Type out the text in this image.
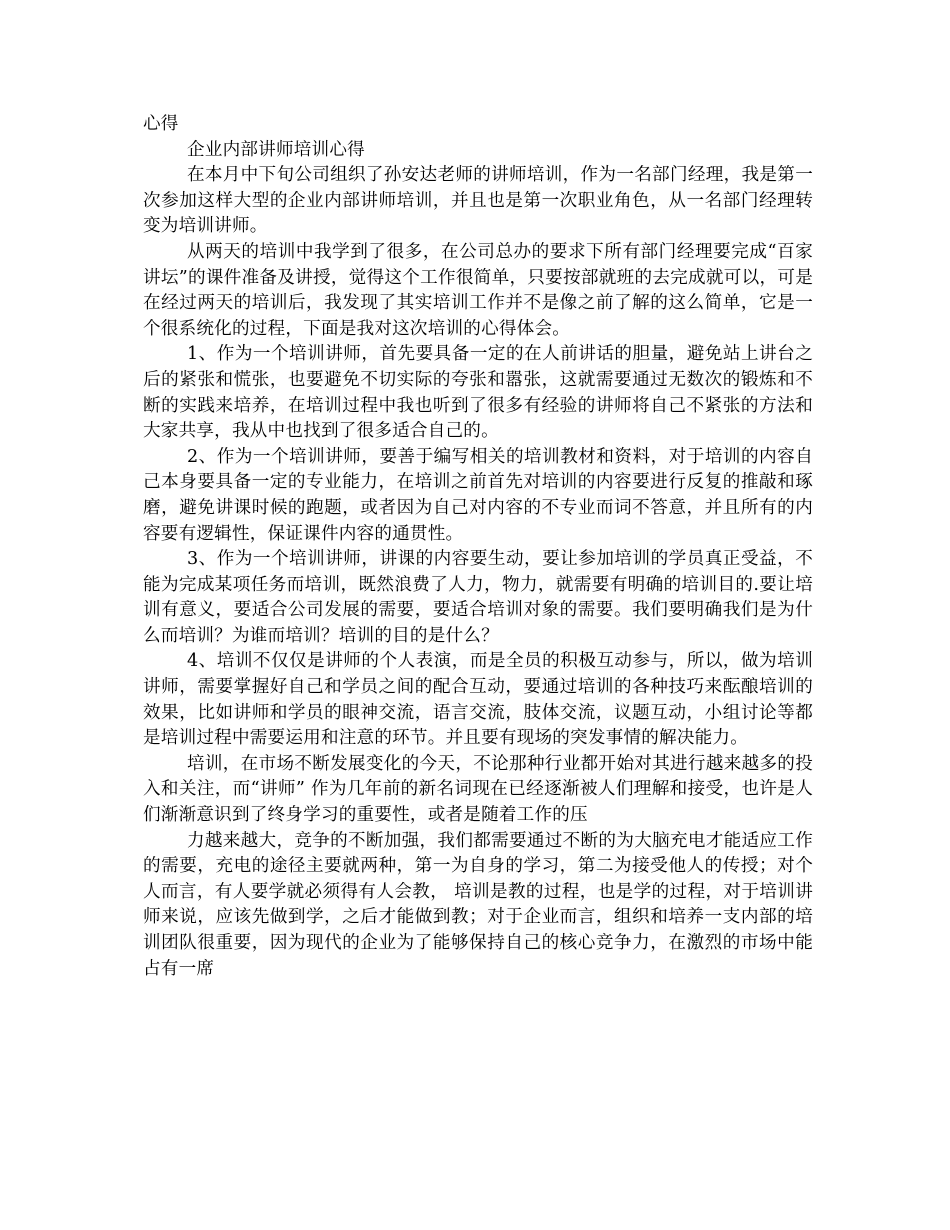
心得
企业内部讲师培训心得

在本月中下旬公司组织了孙安达老师的讲师培训，作为一名部门经理，我是第一次参加这样大型的企业内部讲师培训，并且也是第一次职业角色，从一名部门经理转变为培训讲师。

从两天的培训中我学到了很多，在公司总办的要求下所有部门经理要完成“百家讲坛”的课件准备及讲授，觉得这个工作很简单，只要按部就班的去完成就可以，可是在经过两天的培训后，我发现了其实培训工作并不是像之前了解的这么简单，它是一个很系统化的过程，下面是我对这次培训的心得体会。

1、作为一个培训讲师，首先要具备一定的在人前讲话的胆量，避免站上讲台之后的紧张和慌张，也要避免不切实际的夸张和嚣张，这就需要通过无数次的锻炼和不断的实践来培养，在培训过程中我也听到了很多有经验的讲师将自己不紧张的方法和大家共享，我从中也找到了很多适合自己的。

2、作为一个培训讲师，要善于编写相关的培训教材和资料，对于培训的内容自己本身要具备一定的专业能力，在培训之前首先对培训的内容要进行反复的推敲和琢磨，避免讲课时候的跑题，或者因为自己对内容的不专业而词不答意，并且所有的内容要有逻辑性，保证课件内容的通贯性。

3、作为一个培训讲师，讲课的内容要生动，要让参加培训的学员真正受益，不能为完成某项任务而培训，既然浪费了人力，物力，就需要有明确的培训目的.要让培训有意义，要适合公司发展的需要，要适合培训对象的需要。我们要明确我们是为什么而培训？为谁而培训？培训的目的是什么？

4、培训不仅仅是讲师的个人表演，而是全员的积极互动参与，所以，做为培训讲师，需要掌握好自己和学员之间的配合互动，要通过培训的各种技巧来酝酿培训的效果，比如讲师和学员的眼神交流，语言交流，肢体交流，议题互动，小组讨论等都是培训过程中需要运用和注意的环节。并且要有现场的突发事情的解决能力。

培训，在市场不断发展变化的今天，不论那种行业都开始对其进行越来越多的投入和关注，而“讲师” 作为几年前的新名词现在已经逐渐被人们理解和接受，也许是人们渐渐意识到了终身学习的重要性，或者是随着工作的压

力越来越大，竞争的不断加强，我们都需要通过不断的为大脑充电才能适应工作的需要，充电的途径主要就两种，第一为自身的学习，第二为接受他人的传授；对个人而言，有人要学就必须得有人会教， 培训是教的过程，也是学的过程，对于培训讲师来说，应该先做到学，之后才能做到教；对于企业而言，组织和培养一支内部的培训团队很重要，因为现代的企业为了能够保持自己的核心竞争力，在激烈的市场中能占有一席
